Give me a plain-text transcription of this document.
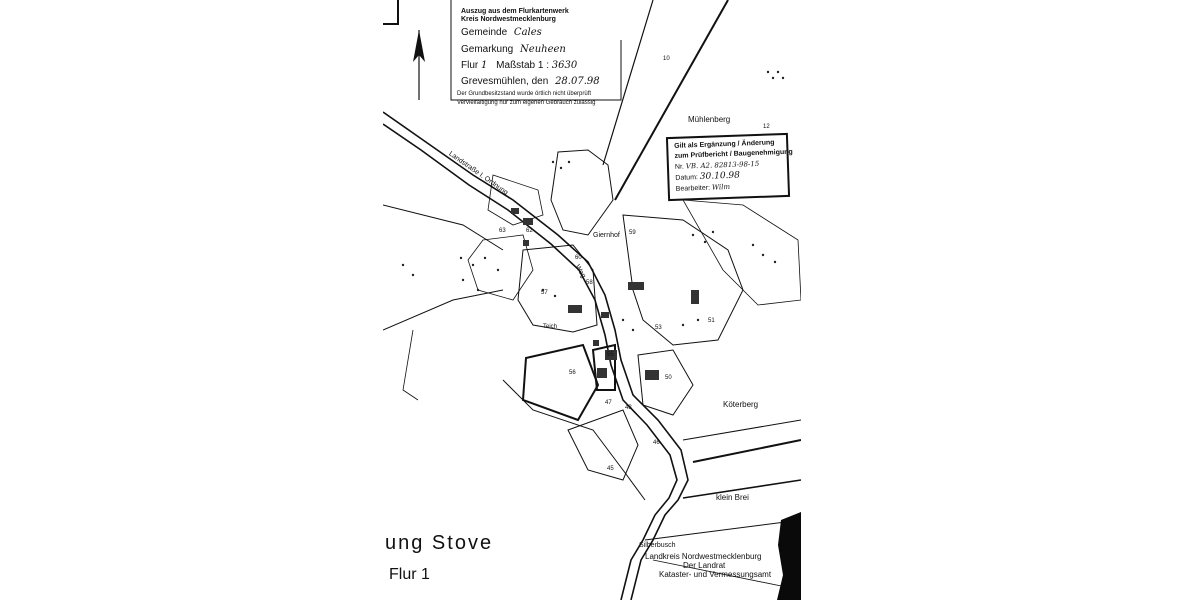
Auszug aus dem Flurkartenwerk
Kreis Nordwestmecklenburg
Gemeinde Cales
Gemarkung Neuheen
Flur 1 Maßstab 1 : 3630
Grevesmühlen, den 28.07.98
Der Grundbesitzstand wurde örtlich nicht überprüft
Vervielfältigung nur zum eigenen Gebrauch zulässig
Gilt als Ergänzung / Änderung
zum Prüfbericht / Baugenehmigung
Nr. VB. A2. 82813-98-15
Datum: 30.10.98
Bearbeiter: Wilm
Mühlenberg
Köterberg
klein Brei
Giernhof
Silberbusch
Landstraße I. Ordnung
Weg
Teich
10
12
57
58
59
60
62
63
53
55
56
51
50
46
45
47
48
Landkreis Nordwestmecklenburg
Der Landrat
Kataster- und Vermessungsamt
ung Stove
Flur 1
